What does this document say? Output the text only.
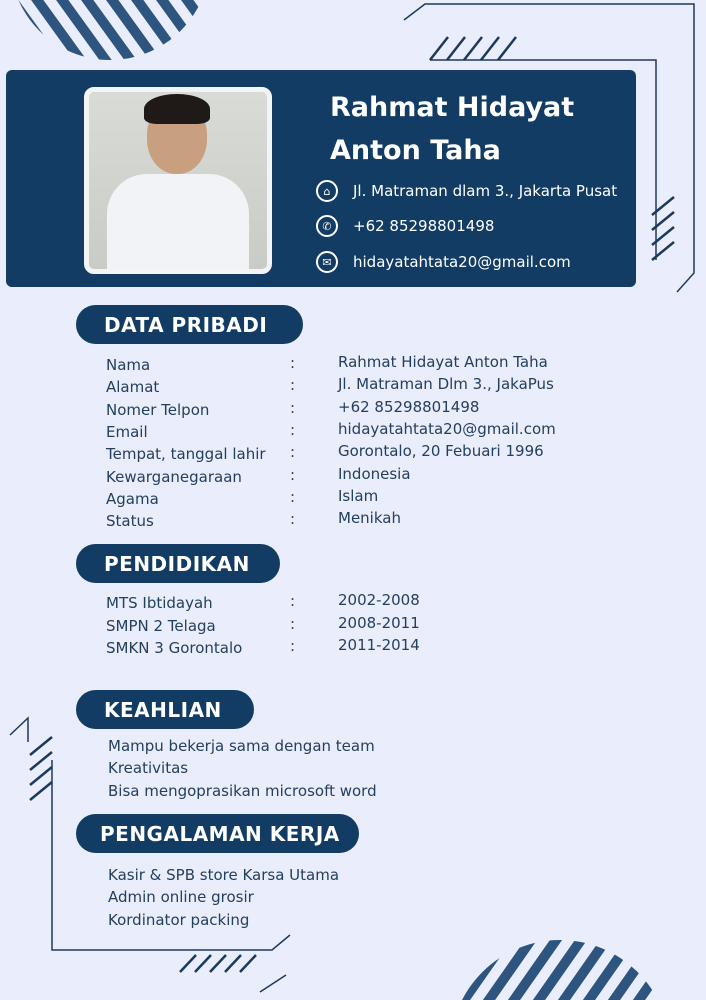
Rahmat Hidayat
Anton Taha
⌂	Jl. Matraman dlam 3., Jakarta Pusat
✆	+62 85298801498
✉	hidayatahtata20@gmail.com
DATA PRIBADI
Nama	:	Rahmat Hidayat Anton Taha
Alamat	:	Jl. Matraman Dlm 3., JakaPus
Nomer Telpon	:	+62 85298801498
Email	:	hidayatahtata20@gmail.com
Tempat, tanggal lahir :	Gorontalo, 20 Febuari 1996
Kewarganegaraan	:	Indonesia
Agama	:	Islam
Status	:	Menikah
PENDIDIKAN
MTS Ibtidayah	:	2002-2008
SMPN 2 Telaga	:	2008-2011
SMKN 3 Gorontalo	:	2011-2014
KEAHLIAN
Mampu bekerja sama dengan team
Kreativitas
Bisa mengoprasikan microsoft word
PENGALAMAN KERJA
Kasir & SPB store Karsa Utama
Admin online grosir
Kordinator packing
